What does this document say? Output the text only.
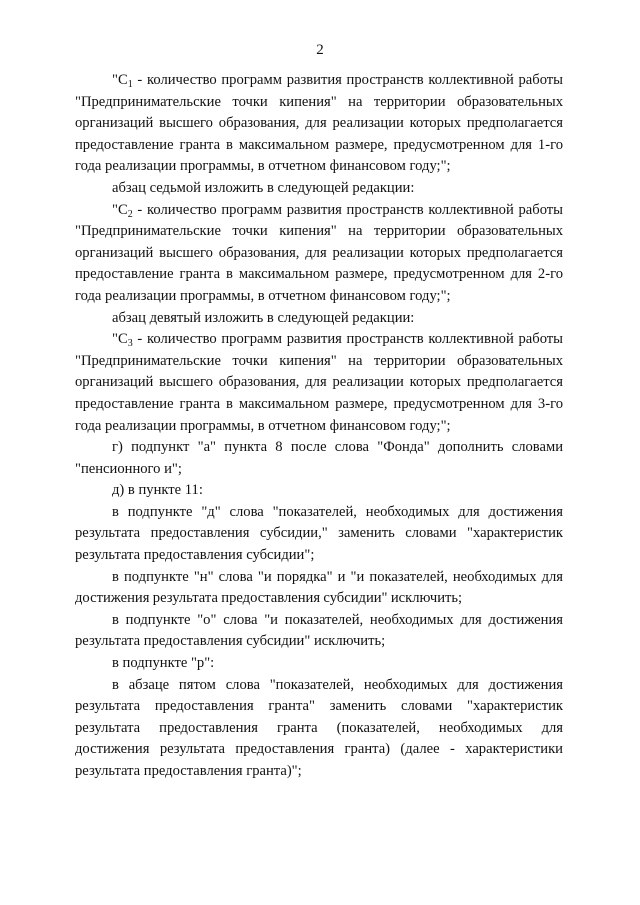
2

"$C_1$ - количество программ развития пространств коллективной работы "Предпринимательские точки кипения" на территории образовательных организаций высшего образования, для реализации которых предполагается предоставление гранта в максимальном размере, предусмотренном для 1-го года реализации программы, в отчетном финансовом году;";

абзац седьмой изложить в следующей редакции:

"$C_2$ - количество программ развития пространств коллективной работы "Предпринимательские точки кипения" на территории образовательных организаций высшего образования, для реализации которых предполагается предоставление гранта в максимальном размере, предусмотренном для 2-го года реализации программы, в отчетном финансовом году;";

абзац девятый изложить в следующей редакции:

"$C_3$ - количество программ развития пространств коллективной работы "Предпринимательские точки кипения" на территории образовательных организаций высшего образования, для реализации которых предполагается предоставление гранта в максимальном размере, предусмотренном для 3-го года реализации программы, в отчетном финансовом году;";

г) подпункт "а" пункта 8 после слова "Фонда" дополнить словами "пенсионного и";

д) в пункте 11:

в подпункте "д" слова "показателей, необходимых для достижения результата предоставления субсидии," заменить словами "характеристик результата предоставления субсидии";

в подпункте "н" слова "и порядка" и "и показателей, необходимых для достижения результата предоставления субсидии" исключить;

в подпункте "о" слова "и показателей, необходимых для достижения результата предоставления субсидии" исключить;

в подпункте "р":

в абзаце пятом слова "показателей, необходимых для достижения результата предоставления гранта" заменить словами "характеристик результата предоставления гранта (показателей, необходимых для достижения результата предоставления гранта) (далее - характеристики результата предоставления гранта)";
